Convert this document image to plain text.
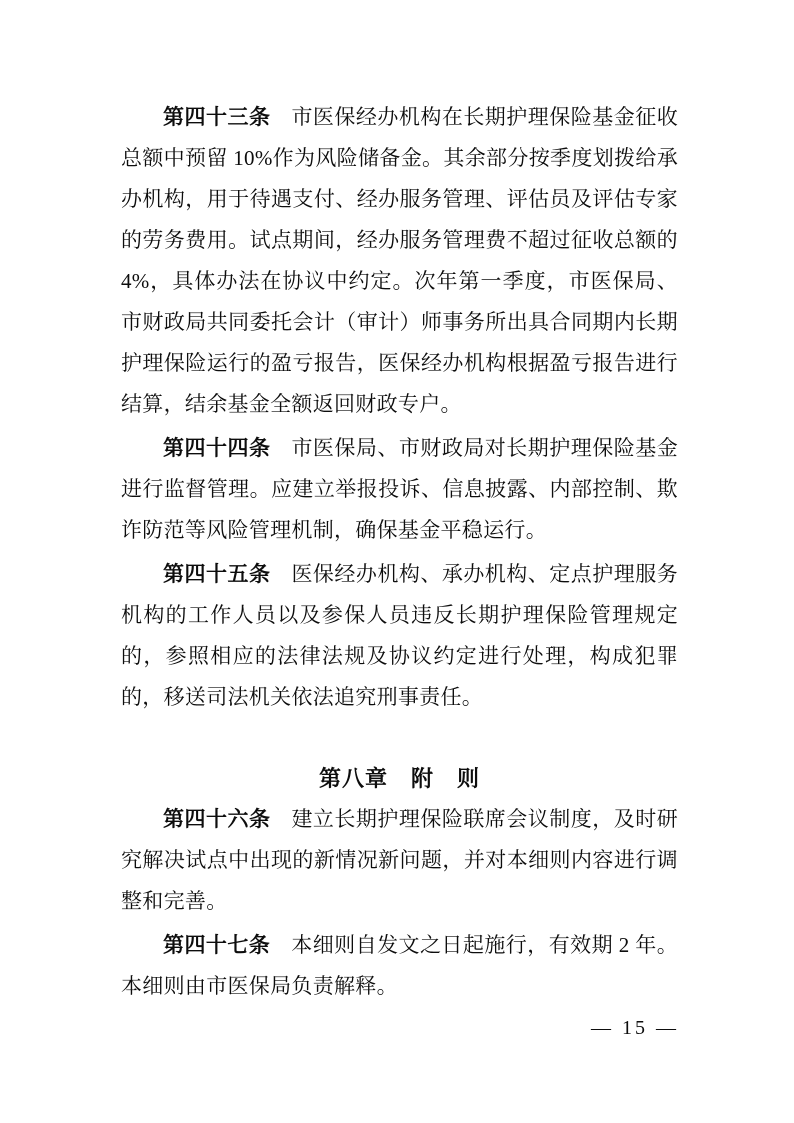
第四十三条 市医保经办机构在长期护理保险基金征收总额中预留 10%作为风险储备金。其余部分按季度划拨给承办机构，用于待遇支付、经办服务管理、评估员及评估专家的劳务费用。试点期间，经办服务管理费不超过征收总额的 4%，具体办法在协议中约定。次年第一季度，市医保局、市财政局共同委托会计（审计）师事务所出具合同期内长期护理保险运行的盈亏报告，医保经办机构根据盈亏报告进行结算，结余基金全额返回财政专户。

第四十四条 市医保局、市财政局对长期护理保险基金进行监督管理。应建立举报投诉、信息披露、内部控制、欺诈防范等风险管理机制，确保基金平稳运行。

第四十五条 医保经办机构、承办机构、定点护理服务机构的工作人员以及参保人员违反长期护理保险管理规定的，参照相应的法律法规及协议约定进行处理，构成犯罪的，移送司法机关依法追究刑事责任。

第八章　附　则

第四十六条 建立长期护理保险联席会议制度，及时研究解决试点中出现的新情况新问题，并对本细则内容进行调整和完善。

第四十七条 本细则自发文之日起施行，有效期 2 年。本细则由市医保局负责解释。

— 15 —
